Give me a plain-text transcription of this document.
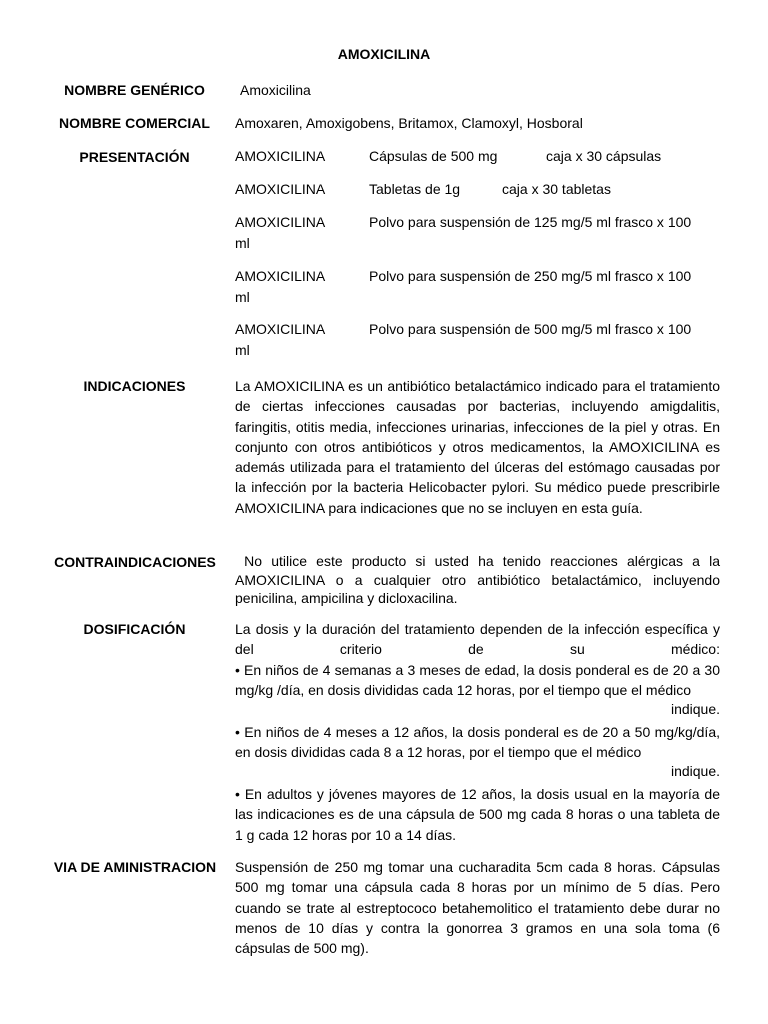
AMOXICILINA
NOMBRE GENÉRICO	Amoxicilina
NOMBRE COMERCIAL	Amoxaren, Amoxigobens, Britamox, Clamoxyl, Hosboral
PRESENTACIÓN	AMOXICILINA	Cápsulas de 500 mg	caja x 30 cápsulas
AMOXICILINA	Tabletas de 1g	caja x 30 tabletas
AMOXICILINA	Polvo para suspensión de 125 mg/5 ml frasco x 100
ml
AMOXICILINA	Polvo para suspensión de 250 mg/5 ml frasco x 100
ml
AMOXICILINA	Polvo para suspensión de 500 mg/5 ml frasco x 100
ml
INDICACIONES	La AMOXICILINA es un antibiótico betalactámico indicado para el tratamiento de ciertas infecciones causadas por bacterias, incluyendo amigdalitis, faringitis, otitis media, infecciones urinarias, infecciones de la piel y otras. En conjunto con otros antibióticos y otros medicamentos, la AMOXICILINA es además utilizada para el tratamiento del úlceras del estómago causadas por la infección por la bacteria Helicobacter pylori. Su médico puede prescribirle AMOXICILINA para indicaciones que no se incluyen en esta guía.
CONTRAINDICACIONES	No utilice este producto si usted ha tenido reacciones alérgicas a la AMOXICILINA o a cualquier otro antibiótico betalactámico, incluyendo penicilina, ampicilina y dicloxacilina.
DOSIFICACIÓN	La dosis y la duración del tratamiento dependen de la infección específica y del criterio de su médico:
• En niños de 4 semanas a 3 meses de edad, la dosis ponderal es de 20 a 30 mg/kg /día, en dosis divididas cada 12 horas, por el tiempo que el médico
indique.
• En niños de 4 meses a 12 años, la dosis ponderal es de 20 a 50 mg/kg/día, en dosis divididas cada 8 a 12 horas, por el tiempo que el médico
indique.
• En adultos y jóvenes mayores de 12 años, la dosis usual en la mayoría de las indicaciones es de una cápsula de 500 mg cada 8 horas o una tableta de 1 g cada 12 horas por 10 a 14 días.
VIA DE AMINISTRACION	Suspensión de 250 mg tomar una cucharadita 5cm cada 8 horas. Cápsulas 500 mg tomar una cápsula cada 8 horas por un mínimo de 5 días. Pero cuando se trate al estreptococo betahemolitico el tratamiento debe durar no menos de 10 días y contra la gonorrea 3 gramos en una sola toma (6 cápsulas de 500 mg).
